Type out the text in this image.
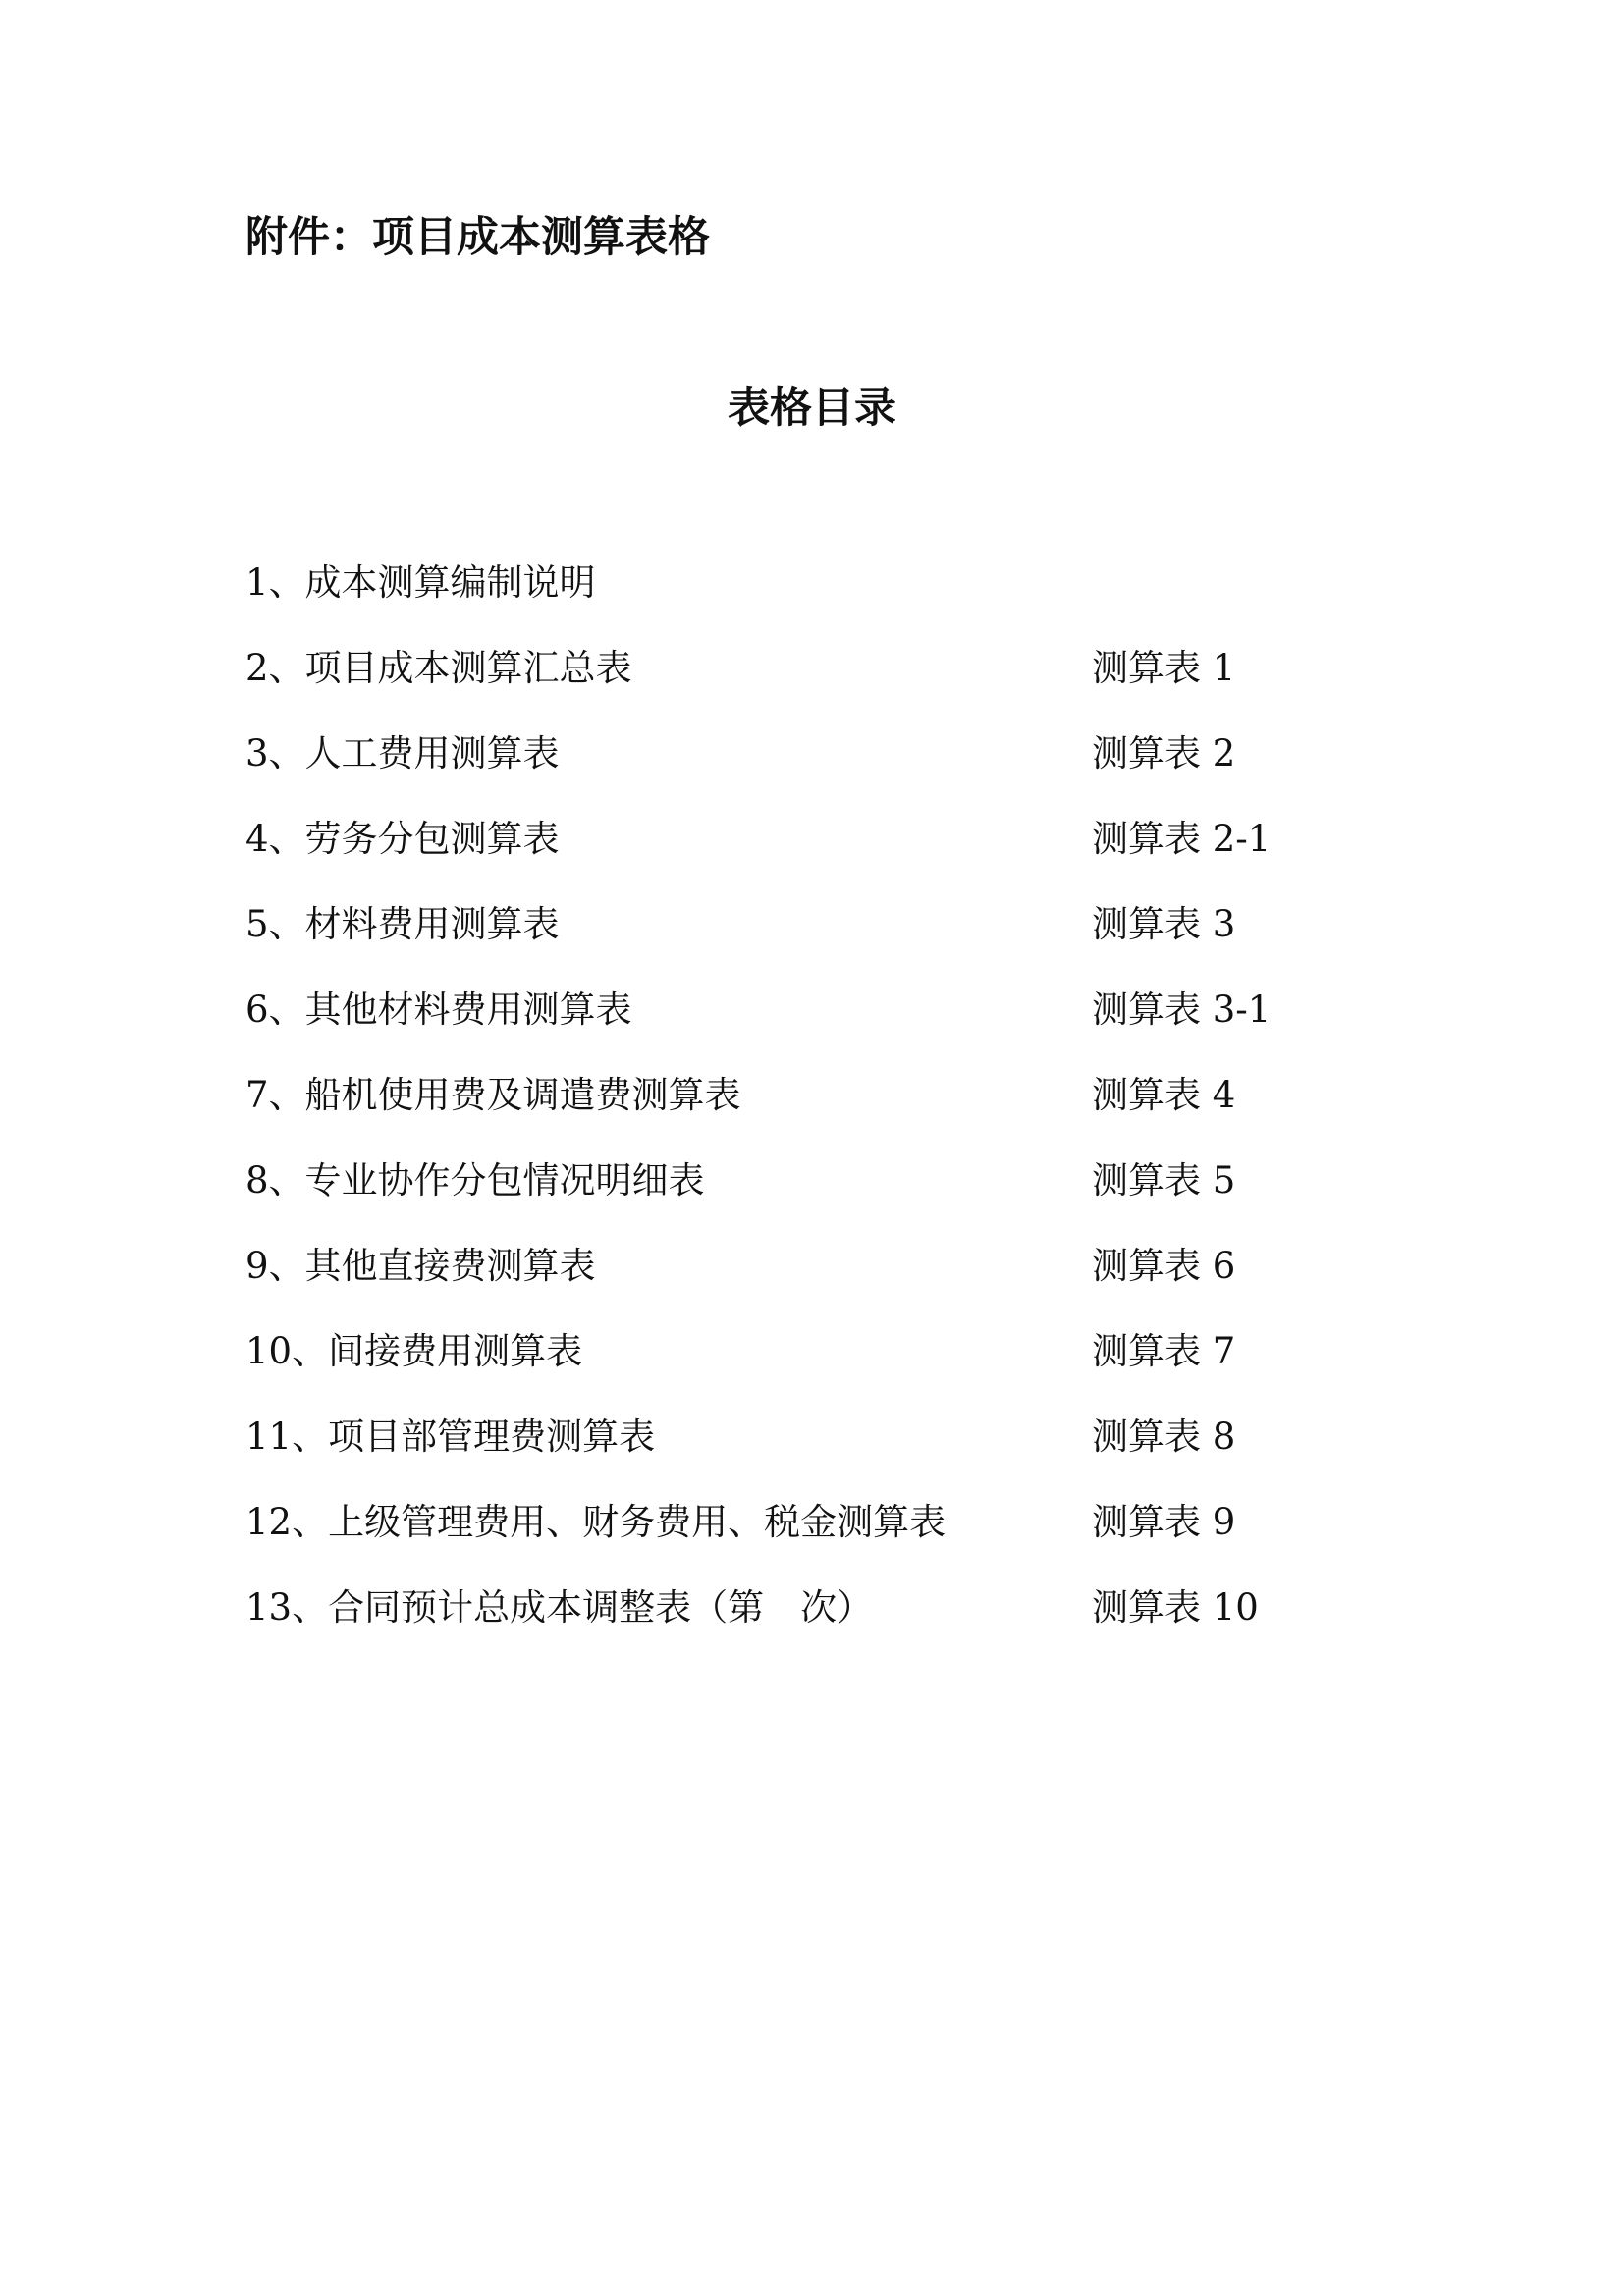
附件：项目成本测算表格
表格目录
1、成本测算编制说明
2、项目成本测算汇总表	测算表 1
3、人工费用测算表	测算表 2
4、劳务分包测算表	测算表 2-1
5、材料费用测算表	测算表 3
6、其他材料费用测算表	测算表 3-1
7、船机使用费及调遣费测算表	测算表 4
8、专业协作分包情况明细表	测算表 5
9、其他直接费测算表	测算表 6
10、间接费用测算表	测算表 7
11、项目部管理费测算表	测算表 8
12、上级管理费用、财务费用、税金测算表	测算表 9
13、合同预计总成本调整表（第　次）	测算表 10
